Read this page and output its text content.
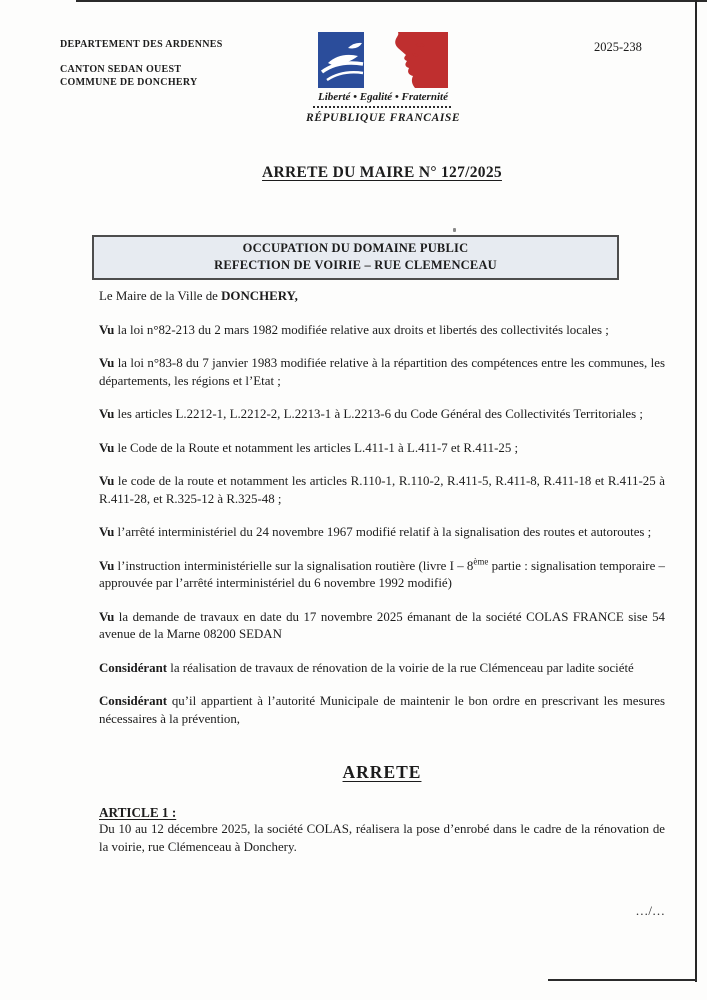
DEPARTEMENT DES ARDENNES
CANTON SEDAN OUEST
COMMUNE DE DONCHERY
Liberté • Egalité • Fraternité
RÉPUBLIQUE FRANCAISE
2025-238
ARRETE DU MAIRE N° 127/2025
OCCUPATION DU DOMAINE PUBLIC
REFECTION DE VOIRIE – RUE CLEMENCEAU

Le Maire de la Ville de DONCHERY,

Vu la loi n°82-213 du 2 mars 1982 modifiée relative aux droits et libertés des collectivités locales ;

Vu la loi n°83-8 du 7 janvier 1983 modifiée relative à la répartition des compétences entre les communes, les départements, les régions et l’Etat ;

Vu les articles L.2212-1, L.2212-2, L.2213-1 à L.2213-6 du Code Général des Collectivités Territoriales ;

Vu le Code de la Route et notamment les articles L.411-1 à L.411-7 et R.411-25 ;

Vu le code de la route et notamment les articles R.110-1, R.110-2, R.411-5, R.411-8, R.411-18 et R.411-25 à R.411-28, et R.325-12 à R.325-48 ;

Vu l’arrêté interministériel du 24 novembre 1967 modifié relatif à la signalisation des routes et autoroutes ;

Vu l’instruction interministérielle sur la signalisation routière (livre I – 8ème partie : signalisation temporaire – approuvée par l’arrêté interministériel du 6 novembre 1992 modifié)

Vu la demande de travaux en date du 17 novembre 2025 émanant de la société COLAS FRANCE sise 54 avenue de la Marne 08200 SEDAN

Considérant la réalisation de travaux de rénovation de la voirie de la rue Clémenceau par ladite société

Considérant qu’il appartient à l’autorité Municipale de maintenir le bon ordre en prescrivant les mesures nécessaires à la prévention,

ARRETE
ARTICLE 1 :

Du 10 au 12 décembre 2025, la société COLAS, réalisera la pose d’enrobé dans le cadre de la rénovation de la voirie, rue Clémenceau à Donchery.

…/…
